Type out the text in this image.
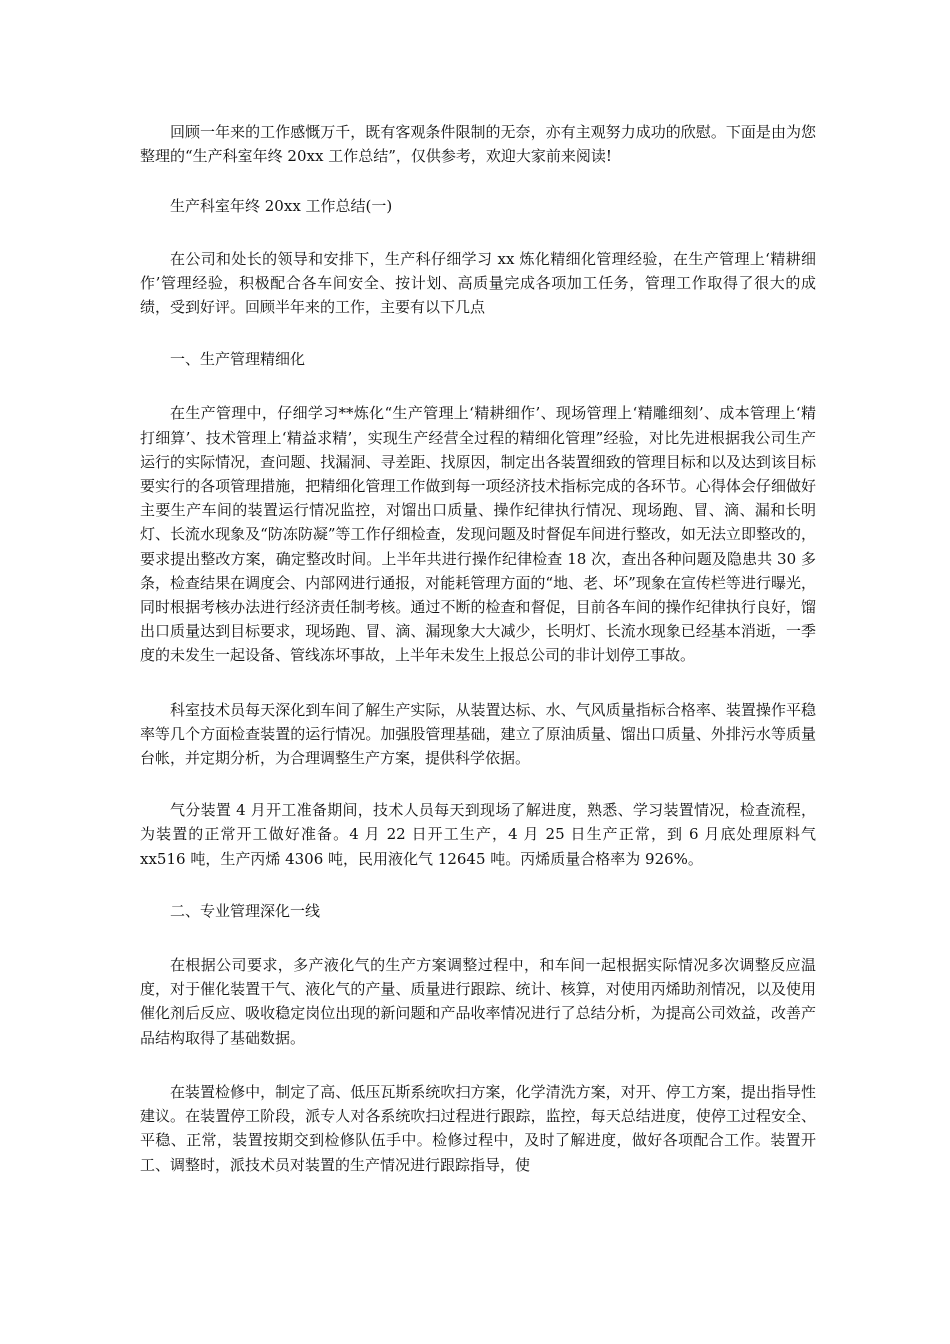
回顾一年来的工作感慨万千，既有客观条件限制的无奈，亦有主观努力成功的欣慰。下面是由为您整理的“生产科室年终 20xx 工作总结”，仅供参考，欢迎大家前来阅读!

生产科室年终 20xx 工作总结(一)

在公司和处长的领导和安排下，生产科仔细学习 xx 炼化精细化管理经验，在生产管理上‘精耕细作’管理经验，积极配合各车间安全、按计划、高质量完成各项加工任务，管理工作取得了很大的成绩，受到好评。回顾半年来的工作，主要有以下几点

一、生产管理精细化

在生产管理中，仔细学习**炼化“生产管理上‘精耕细作’、现场管理上‘精雕细刻’、成本管理上‘精打细算’、技术管理上‘精益求精’，实现生产经营全过程的精细化管理”经验，对比先进根据我公司生产运行的实际情况，查问题、找漏洞、寻差距、找原因，制定出各装置细致的管理目标和以及达到该目标要实行的各项管理措施，把精细化管理工作做到每一项经济技术指标完成的各环节。心得体会仔细做好主要生产车间的装置运行情况监控，对馏出口质量、操作纪律执行情况、现场跑、冒、滴、漏和长明灯、长流水现象及“防冻防凝”等工作仔细检查，发现问题及时督促车间进行整改，如无法立即整改的，要求提出整改方案，确定整改时间。上半年共进行操作纪律检查 18 次，查出各种问题及隐患共 30 多条，检查结果在调度会、内部网进行通报，对能耗管理方面的“地、老、坏”现象在宣传栏等进行曝光，同时根据考核办法进行经济责任制考核。通过不断的检查和督促，目前各车间的操作纪律执行良好，馏出口质量达到目标要求，现场跑、冒、滴、漏现象大大减少，长明灯、长流水现象已经基本消逝，一季度的未发生一起设备、管线冻坏事故，上半年未发生上报总公司的非计划停工事故。

科室技术员每天深化到车间了解生产实际，从装置达标、水、气风质量指标合格率、装置操作平稳率等几个方面检查装置的运行情况。加强股管理基础，建立了原油质量、馏出口质量、外排污水等质量台帐，并定期分析，为合理调整生产方案，提供科学依据。

气分装置 4 月开工准备期间，技术人员每天到现场了解进度，熟悉、学习装置情况，检查流程，为装置的正常开工做好准备。4 月 22 日开工生产，4 月 25 日生产正常，到 6 月底处理原料气 xx516 吨，生产丙烯 4306 吨，民用液化气 12645 吨。丙烯质量合格率为 926%。

二、专业管理深化一线

在根据公司要求，多产液化气的生产方案调整过程中，和车间一起根据实际情况多次调整反应温度，对于催化装置干气、液化气的产量、质量进行跟踪、统计、核算，对使用丙烯助剂情况，以及使用催化剂后反应、吸收稳定岗位出现的新问题和产品收率情况进行了总结分析，为提高公司效益，改善产品结构取得了基础数据。

在装置检修中，制定了高、低压瓦斯系统吹扫方案，化学清洗方案，对开、停工方案，提出指导性建议。在装置停工阶段，派专人对各系统吹扫过程进行跟踪，监控，每天总结进度，使停工过程安全、平稳、正常，装置按期交到检修队伍手中。检修过程中，及时了解进度，做好各项配合工作。装置开工、调整时，派技术员对装置的生产情况进行跟踪指导，使
